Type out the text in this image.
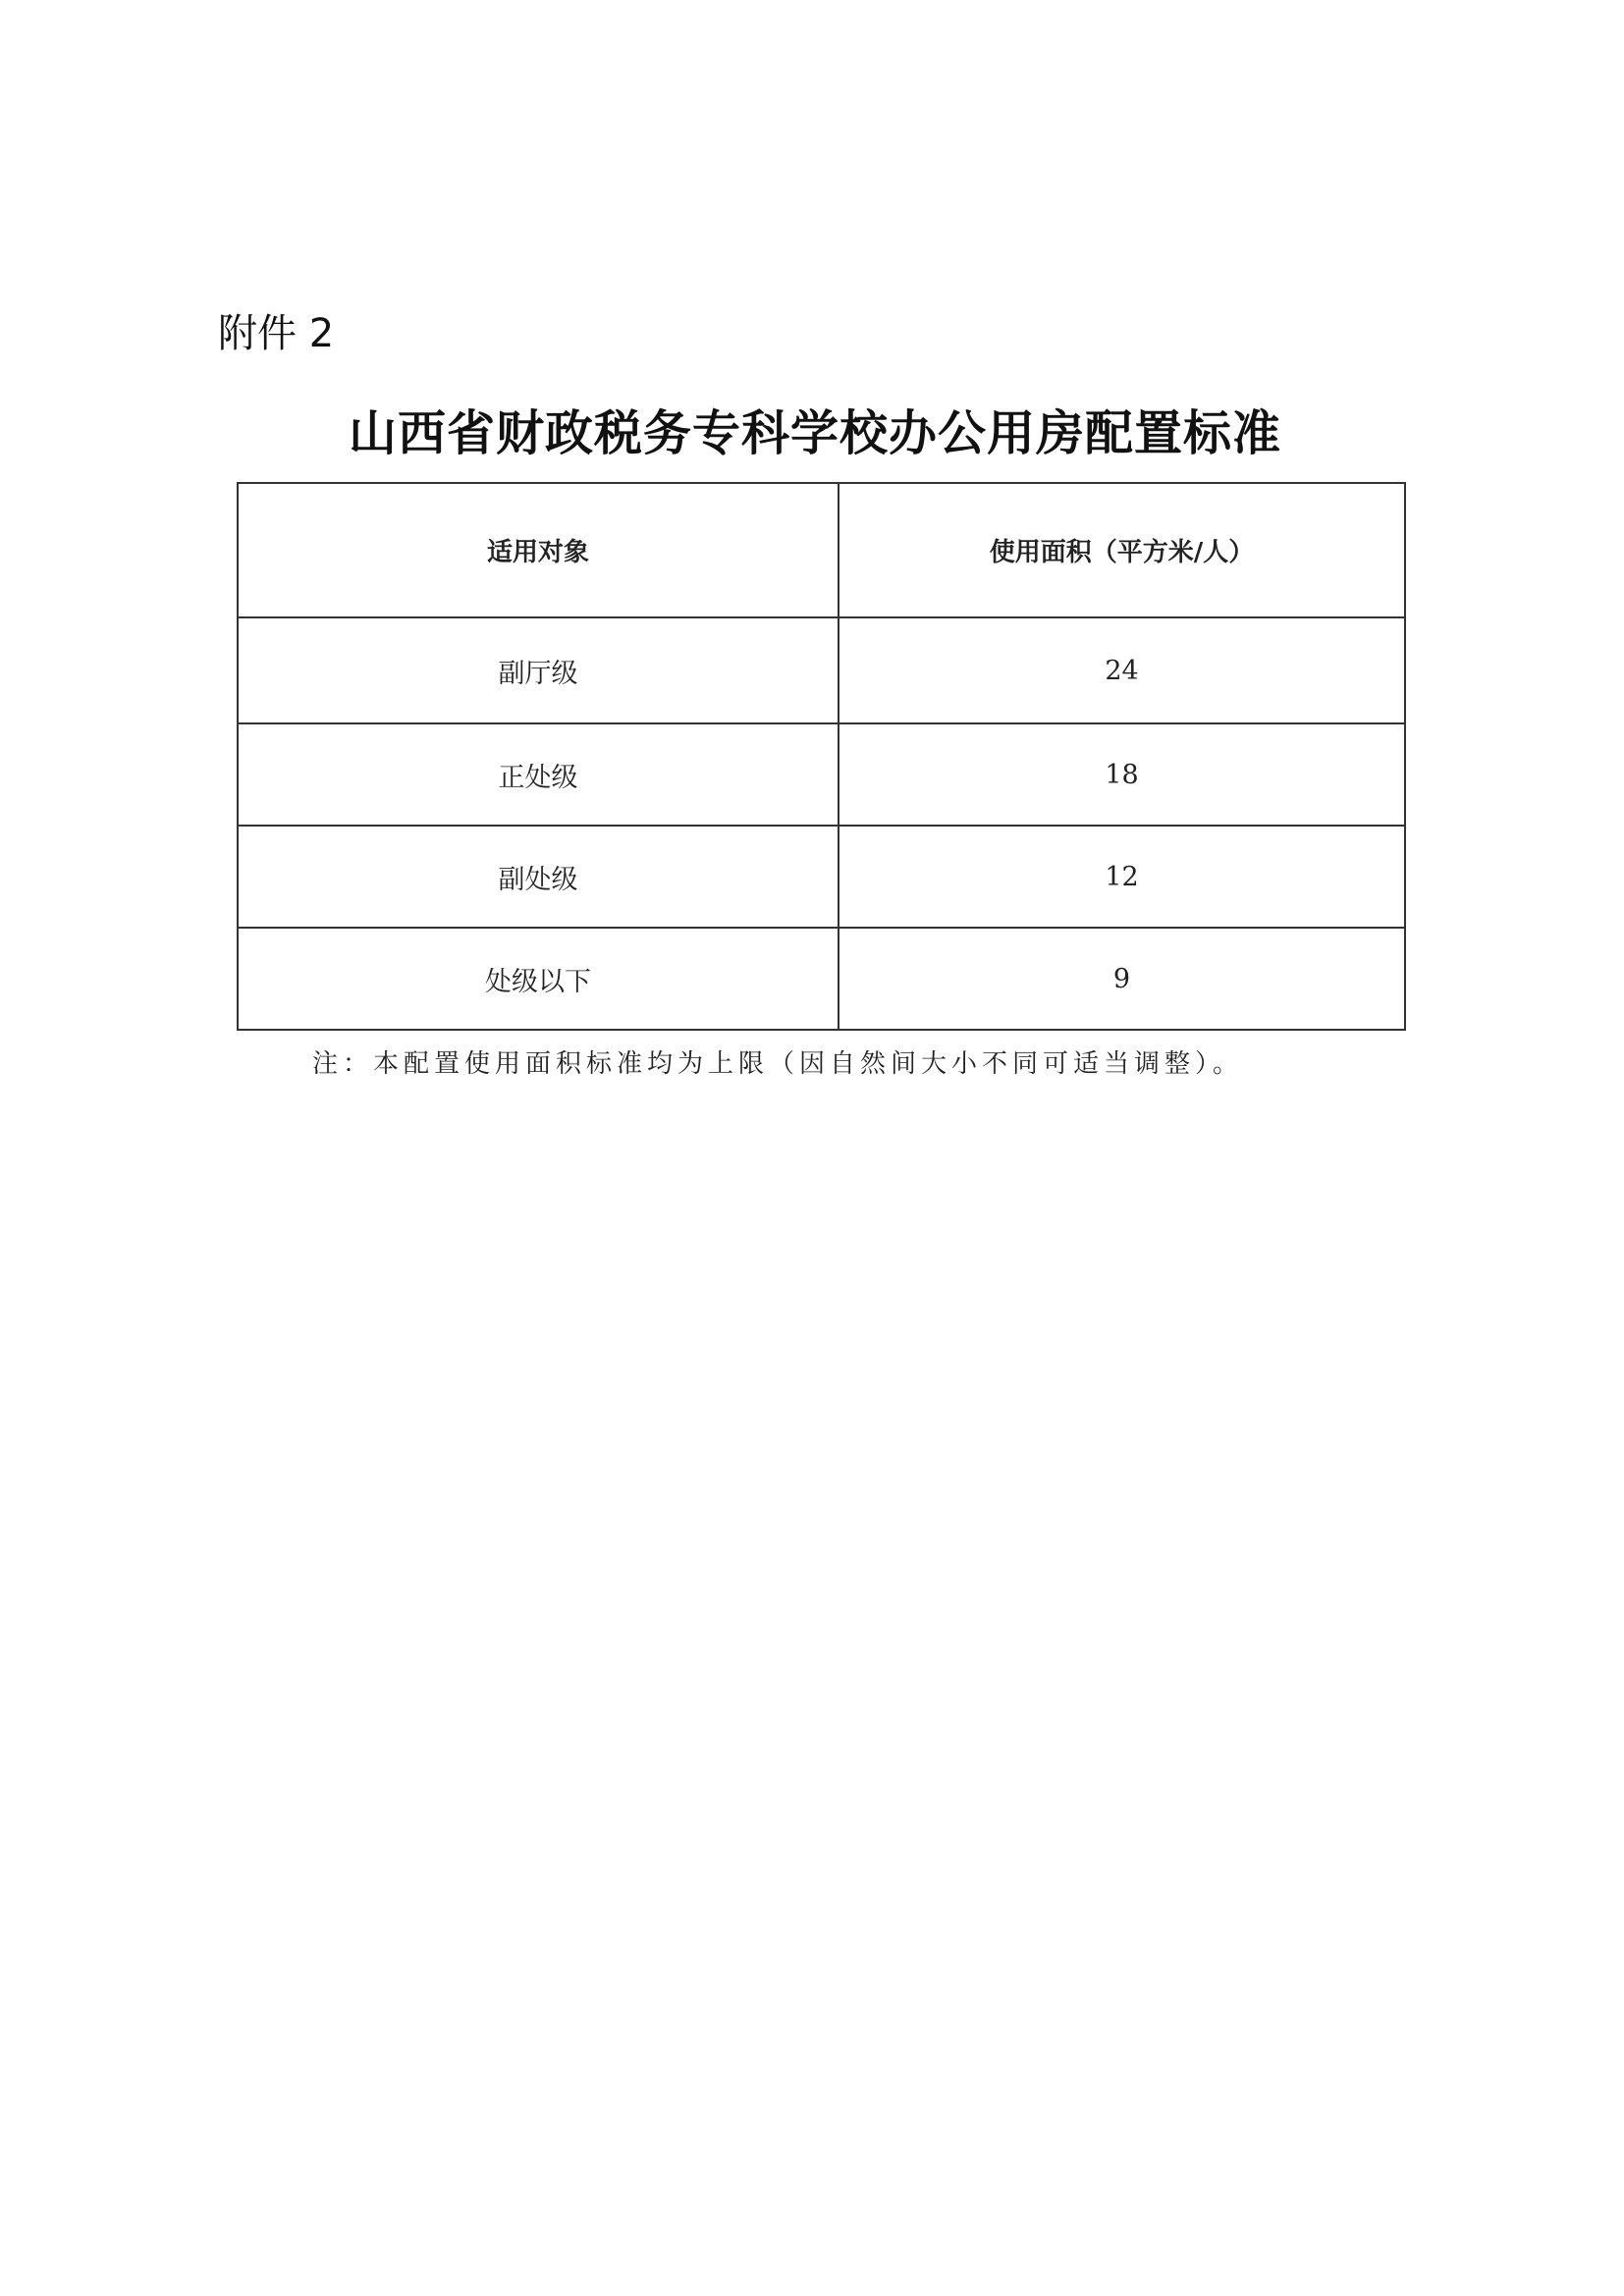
附件 2
山西省财政税务专科学校办公用房配置标准
适用对象	使用面积（平方米/人）
副厅级	24
正处级	18
副处级	12
处级以下	9
注：本配置使用面积标准均为上限（因自然间大小不同可适当调整）。
